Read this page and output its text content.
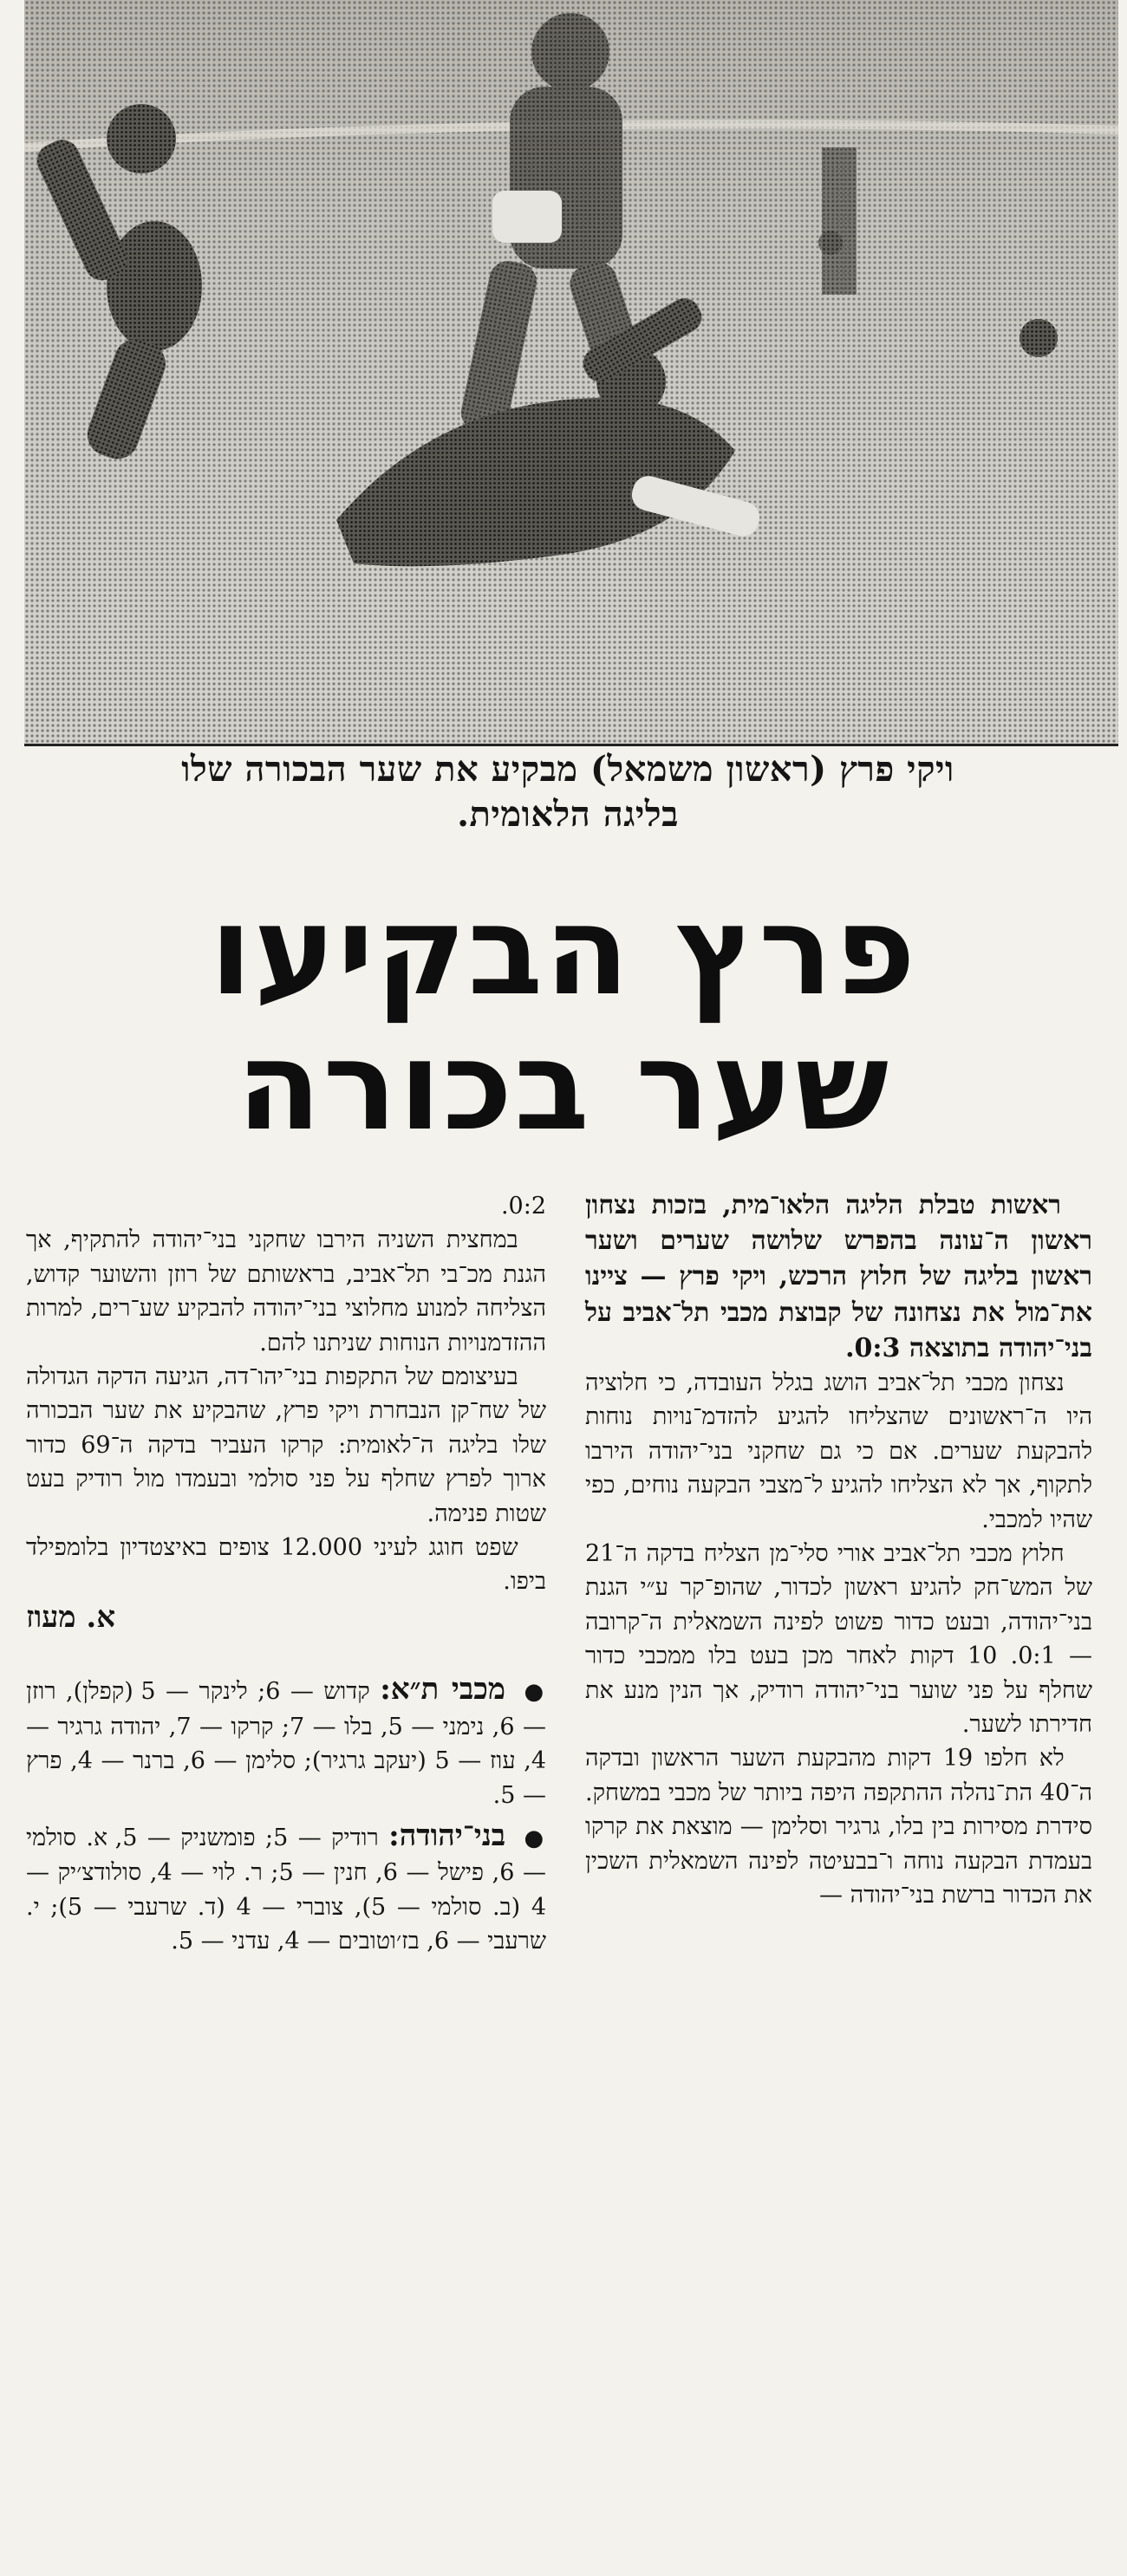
ויקי פרץ (ראשון משמאל) מבקיע את שער הבכורה שלו
בליגה הלאומית.
פרץ הבקיעו
שער בכורה

ראשות טבלת הליגה הלאו־מית, בזכות נצחון ראשון ה־עונה בהפרש שלושה שערים ושער ראשון בליגה של חלוץ הרכש, ויקי פרץ — ציינו את־מול את נצחונה של קבוצת מכבי תל־אביב על בני־יהודה בתוצאה 0:3.

נצחון מכבי תל־אביב הושג בגלל העובדה, כי חלוציה היו ה־ראשונים שהצליחו להגיע להזדמ־נויות נוחות להבקעת שערים. אם כי גם שחקני בני־יהודה הירבו לתקוף, אך לא הצליחו להגיע ל־מצבי הבקעה נוחים, כפי שהיו למכבי.

חלוץ מכבי תל־אביב אורי סלי־מן הצליח בדקה ה־21 של המש־חק להגיע ראשון לכדור, שהופ־קר ע״י הגנת בני־יהודה, ובעט כדור פשוט לפינה השמאלית ה־קרובה — 0:1. 10 דקות לאחר מכן בעט בלו ממכבי כדור שחלף על פני שוער בני־יהודה רודיק, אך הנין מנע את חדירתו לשער.

לא חלפו 19 דקות מהבקעת השער הראשון ובדקה ה־40 הת־נהלה ההתקפה היפה ביותר של מכבי במשחק. סידרת מסירות בין בלו, גרגיר וסלימן — מוצאת את קרקו בעמדת הבקעה נוחה ו־בבעיטה לפינה השמאלית השכין את הכדור ברשת בני־יהודה —

0:2.

במחצית השניה הירבו שחקני בני־יהודה להתקיף, אך הגנת מכ־בי תל־אביב, בראשותם של רוזן והשוער קדוש, הצליחה למנוע מחלוצי בני־יהודה להבקיע שע־רים, למרות ההזדמנויות הנוחות שניתנו להם.

בעיצומם של התקפות בני־יהו־דה, הגיעה הדקה הגדולה של שח־קן הנבחרת ויקי פרץ, שהבקיע את שער הבכורה שלו בליגה ה־לאומית: קרקו העביר בדקה ה־69 כדור ארוך לפרץ שחלף על פני סולמי ובעמדו מול רודיק בעט שטות פנימה.

שפט חוגג לעיני 12.000 צופים באיצטדיון בלומפילד ביפו.

א. מעוז

● מכבי ת״א: קדוש — 6; לינקר — 5 (קפלן), רוזן — 6, נימני — 5, בלו — 7; קרקו — 7, יהודה גרגיר — 4, עוז — 5 (יעקב גרגיר); סלימן — 6, ברנר — 4, פרץ — 5.

● בני־יהודה: רודיק — 5; פומשניק — 5, א. סולמי — 6, פישל — 6, חנין — 5; ר. לוי — 4, סולודצ׳יק — 4 (ב. סולמי — 5), צוברי — 4 (ד. שרעבי — 5); י. שרעבי — 6, בז׳וטובים — 4, עדני — 5.
